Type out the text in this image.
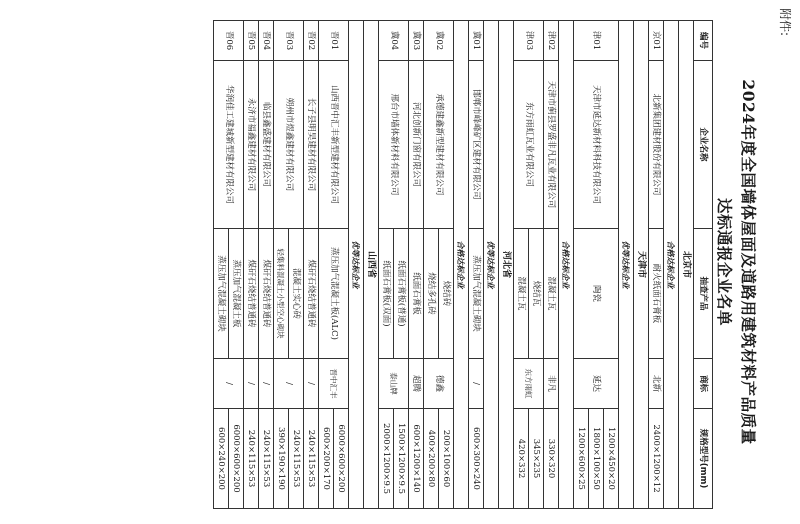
附件:
2024年度全国墙体屋面及道路用建筑材料产品质量
达标通报企业名单
编号	企业名称	抽查产品	商标	规格型号(mm)
北京市				
合格达标企业				
京01	北新集团建材股份有限公司	耐火纸面石膏板	北新	2400×1200×12
天津市				
优等达标企业				
津01	天津市延达新材料科技有限公司	陶瓷	延达	1200×450×20
				1800×100×50
				1200×600×25
合格达标企业				
津02	天津市蓟县罗盛非凡瓦业有限公司	混凝土瓦	非凡	330×320
津03	东方雨虹瓦业有限公司	烧结瓦	东方雨虹	345×235
		混凝土瓦		420×332
河北省				
优等达标企业				
冀01	邯郸市峰峰矿区建材有限公司	蒸压加气混凝土砌块	/	600×300×240
合格达标企业				
冀02	承德建鑫新型建材有限公司	烧结砖	德鑫	200×100×60
		烧结多孔砖		400×200×80
冀03	河北创新门窗有限公司	纸面石膏板	超腾	600×1200×140
冀04	邢台市墙体新材料有限公司	纸面石膏板(普通)	泰山牌	1500×1200×9.5
		纸面石膏板(双面)		2000×1200×9.5
山西省				
优等达标企业				
晋01	山西晋中汇丰新型建材有限公司	蒸压加气混凝土板(ALC)	晋中汇丰	6000×600×200
				600×200×170
晋02	长子县明昊建材有限公司	煤矸石烧结普通砖	/	240×115×53
晋03	朔州市煜鑫建材有限公司	混凝土实心砖	/	240×115×53
		轻集料混凝土小型空心砌块		390×190×190
晋04	临县鑫盛建材有限公司	煤矸石烧结普通砖	/	240×115×53
晋05	永济市福鑫建材有限公司	煤矸石烧结普通砖	/	240×115×53
晋06	华润佳工建城新型建材有限公司	蒸压加气混凝土板	/	6000×600×200
		蒸压加气混凝土砌块		600×240×200
